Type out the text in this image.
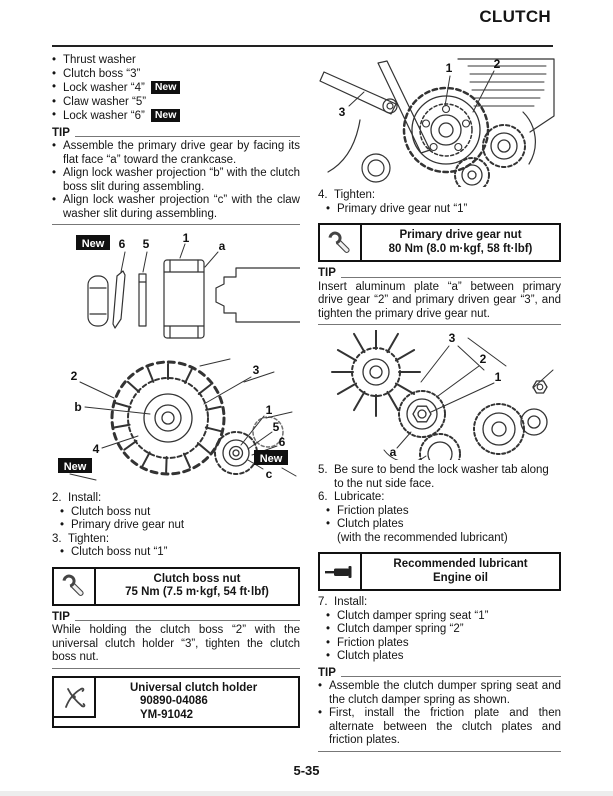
CLUTCH
• Thrust washer
• Clutch boss “3”
• Lock washer “4” New
• Claw washer “5”
• Lock washer “6” New
TIP
• Assemble the primary drive gear by facing its flat face “a” toward the crankcase.
• Align lock washer projection “b” with the clutch boss slit during assembling.
• Align lock washer projection “c” with the claw washer slit during assembling.
New 6 5	1
a
2	3
b
4
New
1
5
6
New
c
2. Install:
• Clutch boss nut
• Primary drive gear nut
3. Tighten:
• Clutch boss nut “1”
Clutch boss nut
75 Nm (7.5 m·kgf, 54 ft·lbf)
TIP
While holding the clutch boss “2” with the universal clutch holder “3”, tighten the clutch boss nut.
Universal clutch holder
90890-04086
YM-91042
3
1	2
4. Tighten:
• Primary drive gear nut “1”
Primary drive gear nut
80 Nm (8.0 m·kgf, 58 ft·lbf)
TIP
Insert aluminum plate “a” between primary drive gear “2” and primary driven gear “3”, and tighten the primary drive gear nut.
3
2
1
a
5. Be sure to bend the lock washer tab along to the nut side face.
6. Lubricate:
• Friction plates
• Clutch plates
(with the recommended lubricant)
Recommended lubricant
Engine oil
7. Install:
• Clutch damper spring seat “1”
• Clutch damper spring “2”
• Friction plates
• Clutch plates
TIP
• Assemble the clutch dumper spring seat and the clutch damper spring as shown.
• First, install the friction plate and then alternate between the clutch plates and friction plates.
5-35
